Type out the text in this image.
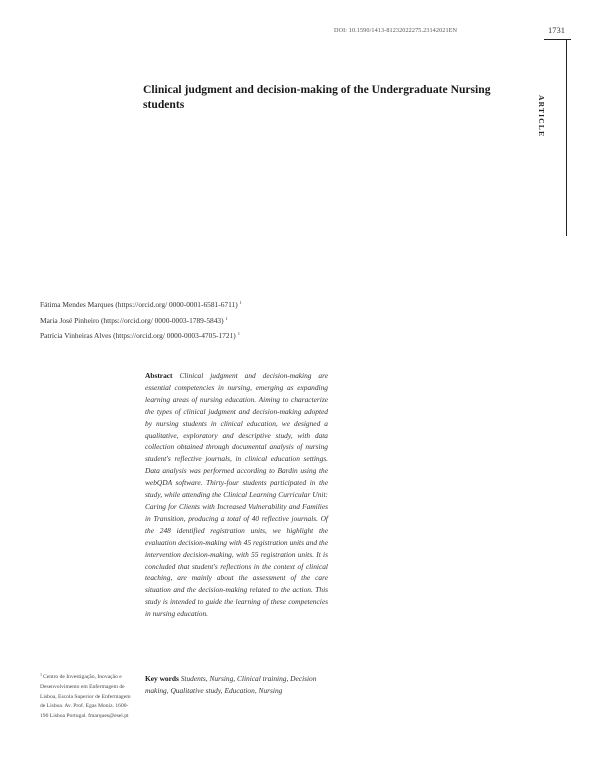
DOI: 10.1590/1413-81232022275.23142021EN	1731
ARTICLE
Clinical judgment and decision-making of the Undergraduate Nursing students
Fátima Mendes Marques (https://orcid.org/ 0000-0001-6581-6711) $^1$
Maria José Pinheiro (https://orcid.org/ 0000-0003-1789-5843) $^1$
Patrícia Vinheiras Alves (https://orcid.org/ 0000-0003-4705-1721) $^1$
Abstract Clinical judgment and decision-making are essential competencies in nursing, emerging as expanding learning areas of nursing education. Aiming to characterize the types of clinical judgment and decision-making adopted by nursing students in clinical education, we designed a qualitative, exploratory and descriptive study, with data collection obtained through documental analysis of nursing student's reflective journals, in clinical education settings. Data analysis was performed according to Bardin using the webQDA software. Thirty-four students participated in the study, while attending the Clinical Learning Curricular Unit: Caring for Clients with Increased Vulnerability and Families in Transition, producing a total of 40 reflective journals. Of the 248 identified registration units, we highlight the evaluation decision-making with 45 registration units and the intervention decision-making, with 55 registration units. It is concluded that student's reflections in the context of clinical teaching, are mainly about the assessment of the care situation and the decision-making related to the action. This study is intended to guide the learning of these competencies in nursing education.
Key words Students, Nursing, Clinical training, Decision making, Qualitative study, Education, Nursing
$^1$Centro de Investigação, Inovação e Desenvolvimento em Enfermagem de Lisboa, Escola Superior de Enfermagem de Lisboa. Av. Prof. Egas Moniz. 1600-190 Lisboa Portugal. fmarques@esel.pt
